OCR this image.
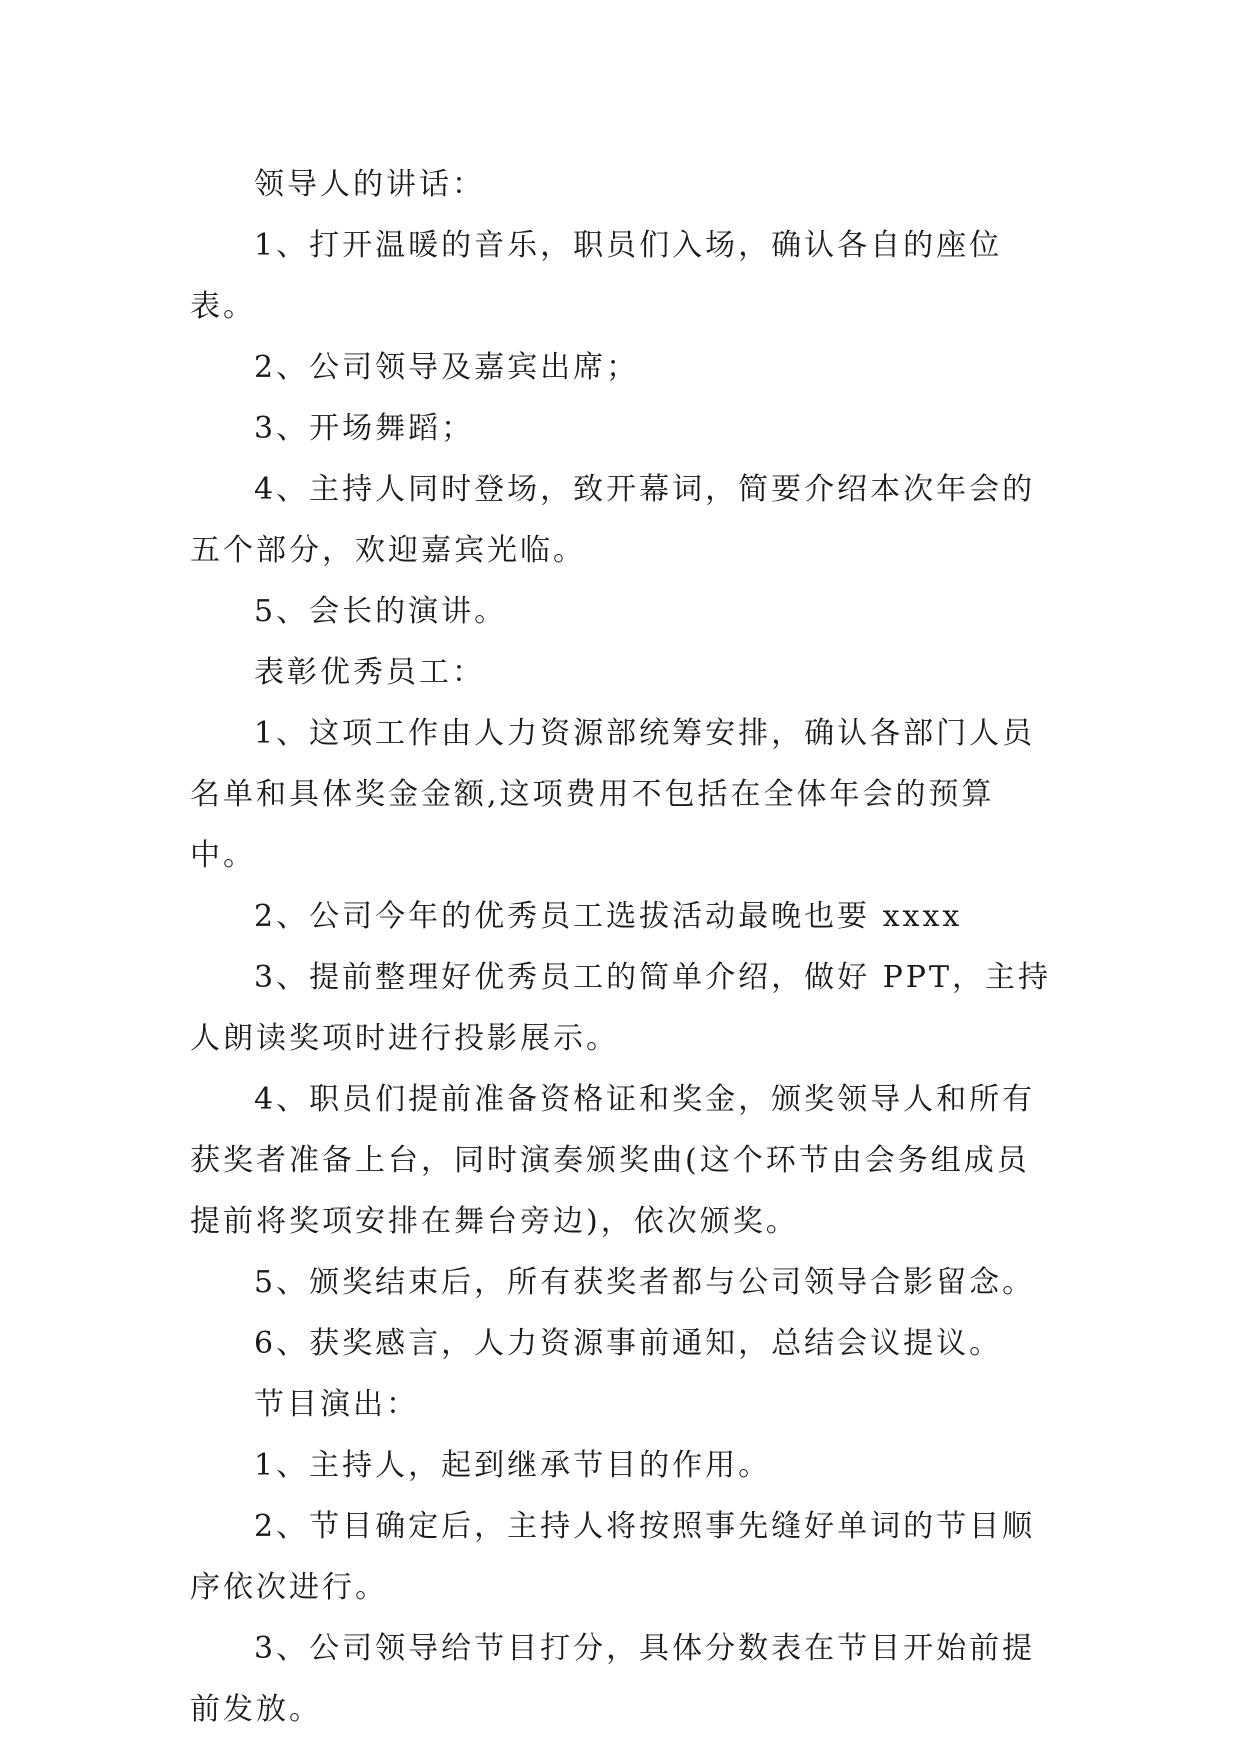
领导人的讲话：

1、打开温暖的音乐，职员们入场，确认各自的座位表。

2、公司领导及嘉宾出席；

3、开场舞蹈；

4、主持人同时登场，致开幕词，简要介绍本次年会的五个部分，欢迎嘉宾光临。

5、会长的演讲。

表彰优秀员工：

1、这项工作由人力资源部统筹安排，确认各部门人员名单和具体奖金金额,这项费用不包括在全体年会的预算中。

2、公司今年的优秀员工选拔活动最晚也要 xxxx

3、提前整理好优秀员工的简单介绍，做好 PPT，主持人朗读奖项时进行投影展示。

4、职员们提前准备资格证和奖金，颁奖领导人和所有获奖者准备上台，同时演奏颁奖曲(这个环节由会务组成员提前将奖项安排在舞台旁边)，依次颁奖。

5、颁奖结束后，所有获奖者都与公司领导合影留念。

6、获奖感言，人力资源事前通知，总结会议提议。

节目演出：

1、主持人，起到继承节目的作用。

2、节目确定后，主持人将按照事先缝好单词的节目顺序依次进行。

3、公司领导给节目打分，具体分数表在节目开始前提前发放。
